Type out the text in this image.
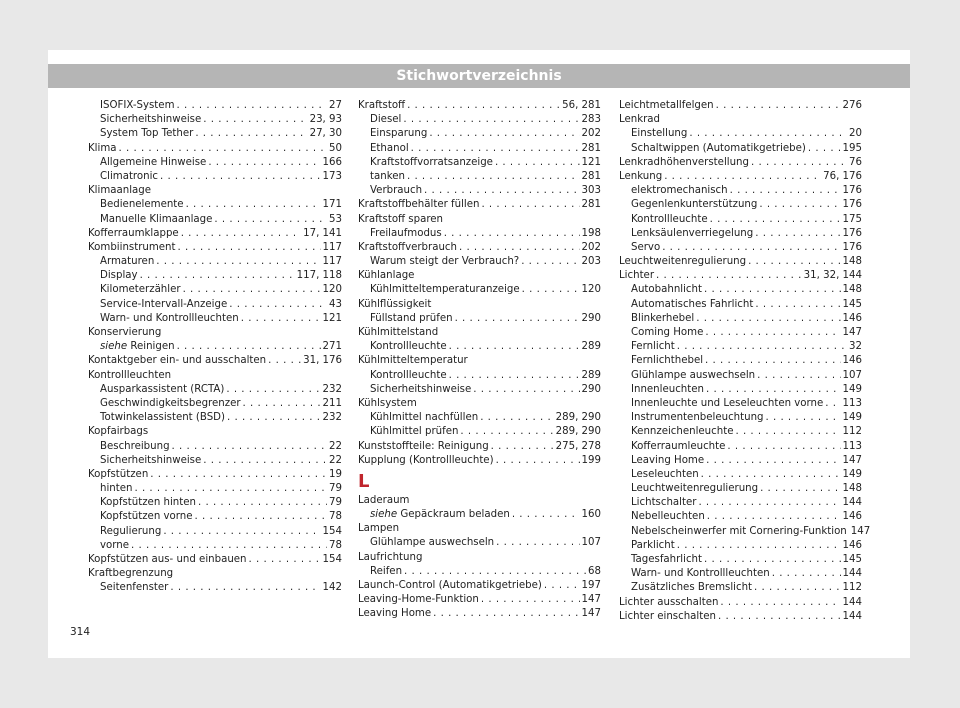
Stichwortverzeichnis
ISOFIX-System . . .	27
Sicherheitshinweise . . .	23, 93
System Top Tether . . .	27, 30
Klima . . .	50
Allgemeine Hinweise . . .	166
Climatronic . . .	173
Klimaanlage
Bedienelemente . . .	171
Manuelle Klimaanlage . . .	53
Kofferraumklappe . . .	17, 141
Kombiinstrument . . .	117
Armaturen . . .	117
Display . . .	117, 118
Kilometerzähler . . .	120
Service-Intervall-Anzeige . . .	43
Warn- und Kontrollleuchten . . .	121
Konservierung
siehe Reinigen . . .	271
Kontaktgeber ein- und ausschalten . . .	31, 176
Kontrollleuchten
Ausparkassistent (RCTA) . . .	232
Geschwindigkeitsbegrenzer . . .	211
Totwinkelassistent (BSD) . . .	232
Kopfairbags
Beschreibung . . .	22
Sicherheitshinweise . . .	22
Kopfstützen . . .	19
hinten . . .	79
Kopfstützen hinten . . .	79
Kopfstützen vorne . . .	78
Regulierung . . .	154
vorne . . .	78
Kopfstützen aus- und einbauen . . .	154
Kraftbegrenzung
Seitenfenster . . .	142
Kraftstoff . . .	56, 281
Diesel . . .	283
Einsparung . . .	202
Ethanol . . .	281
Kraftstoffvorratsanzeige . . .	121
tanken . . .	281
Verbrauch . . .	303
Kraftstoffbehälter füllen . . .	281
Kraftstoff sparen
Freilaufmodus . . .	198
Kraftstoffverbrauch . . .	202
Warum steigt der Verbrauch? . . .	203
Kühlanlage
Kühlmitteltemperaturanzeige . . .	120
Kühlflüssigkeit
Füllstand prüfen . . .	290
Kühlmittelstand
Kontrollleuchte . . .	289
Kühlmitteltemperatur
Kontrollleuchte . . .	289
Sicherheitshinweise . . .	290
Kühlsystem
Kühlmittel nachfüllen . . .	289, 290
Kühlmittel prüfen . . .	289, 290
Kunststoffteile: Reinigung . . .	275, 278
Kupplung (Kontrollleuchte) . . .	199
L
Laderaum
siehe Gepäckraum beladen . . .	160
Lampen
Glühlampe auswechseln . . .	107
Laufrichtung
Reifen . . .	68
Launch-Control (Automatikgetriebe) . . .	197
Leaving-Home-Funktion . . .	147
Leaving Home . . .	147
Leichtmetallfelgen . . .	276
Lenkrad
Einstellung . . .	20
Schaltwippen (Automatikgetriebe) . . .	195
Lenkradhöhenverstellung . . .	76
Lenkung . . .	76, 176
elektromechanisch . . .	176
Gegenlenkunterstützung . . .	176
Kontrollleuchte . . .	175
Lenksäulenverriegelung . . .	176
Servo . . .	176
Leuchtweitenregulierung . . .	148
Lichter . . .	31, 32, 144
Autobahnlicht . . .	148
Automatisches Fahrlicht . . .	145
Blinkerhebel . . .	146
Coming Home . . .	147
Fernlicht . . .	32
Fernlichthebel . . .	146
Glühlampe auswechseln . . .	107
Innenleuchten . . .	149
Innenleuchte und Leseleuchten vorne . . . 113
Instrumentenbeleuchtung . . .	149
Kennzeichenleuchte . . .	112
Kofferraumleuchte . . .	113
Leaving Home . . .	147
Leseleuchten . . .	149
Leuchtweitenregulierung . . .	148
Lichtschalter . . .	144
Nebelleuchten . . .	146
Nebelscheinwerfer mit Cornering-Funktion 147
Parklicht . . .	146
Tagesfahrlicht . . .	145
Warn- und Kontrollleuchten . . .	144
Zusätzliches Bremslicht . . .	112
Lichter ausschalten . . .	144
Lichter einschalten . . .	144
314
